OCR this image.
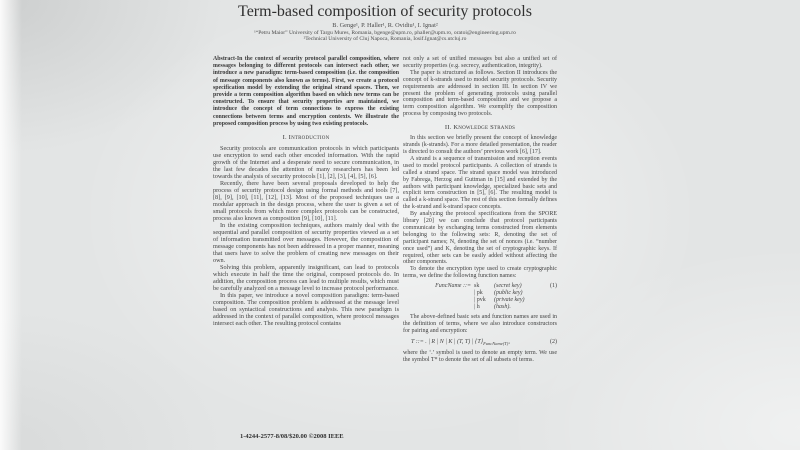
Term-based composition of security protocols
B. Genge¹, P. Haller¹, R. Ovidiu¹, I. Ignat²
¹“Petru Maior” University of Targu Mures, Romania, bgenge@upm.ro, phaller@upm.ro, oratoi@engineering.upm.ro
²Technical University of Cluj Napoca, Romania, Iosif.Ignat@cs.utcluj.ro

Abstract-In the context of security protocol parallel composition, where messages belonging to different protocols can intersect each other, we introduce a new paradigm: term-based composition (i.e. the composition of message components also known as terms). First, we create a protocol specification model by extending the original strand spaces. Then, we provide a term composition algorithm based on which new terms can be constructed. To ensure that security properties are maintained, we introduce the concept of term connections to express the existing connections between terms and encryption contexts. We illustrate the proposed composition process by using two existing protocols.

I. Introduction

Security protocols are communication protocols in which participants use encryption to send each other encoded information. With the rapid growth of the Internet and a desperate need to secure communication, in the last few decades the attention of many researchers has been led towards the analysis of security protocols [1], [2], [3], [4], [5], [6].

Recently, there have been several proposals developed to help the process of security protocol design using formal methods and tools [7], [8], [9], [10], [11], [12], [13]. Most of the proposed techniques use a modular approach in the design process, where the user is given a set of small protocols from which more complex protocols can be constructed, process also known as composition [9], [10], [11].

In the existing composition techniques, authors mainly deal with the sequential and parallel composition of security properties viewed as a set of information transmitted over messages. However, the composition of message components has not been addressed in a proper manner, meaning that users have to solve the problem of creating new messages on their own.

Solving this problem, apparently insignificant, can lead to protocols which execute in half the time the original, composed protocols do. In addition, the composition process can lead to multiple results, which must be carefully analyzed on a message level to increase protocol performance.

In this paper, we introduce a novel composition paradigm: term-based composition. The composition problem is addressed at the message level based on syntactical constructions and analysis. This new paradigm is addressed in the context of parallel composition, where protocol messages intersect each other. The resulting protocol contains

not only a set of unified messages but also a unified set of security properties (e.g. secrecy, authentication, integrity).

The paper is structured as follows. Section II introduces the concept of k-strands used to model security protocols. Security requirements are addressed in section III. In section IV we present the problem of generating protocols using parallel composition and term-based composition and we propose a term composition algorithm. We exemplify the composition process by composing two protocols.

II. Knowledge Strands

In this section we briefly present the concept of knowledge strands (k-strands). For a more detailed presentation, the reader is directed to consult the authors’ previous work [6], [17].

A strand is a sequence of transmission and reception events used to model protocol participants. A collection of strands is called a strand space. The strand space model was introduced by Fabrega, Herzog and Guttman in [15] and extended by the authors with participant knowledge, specialized basic sets and explicit term construction in [5], [6]. The resulting model is called a k-strand space. The rest of this section formally defines the k-strand and k-strand space concepts.

By analyzing the protocol specifications from the SPORE library [20] we can conclude that protocol participants communicate by exchanging terms constructed from elements belonging to the following sets: R, denoting the set of participant names; N, denoting the set of nonces (i.e. “number once used”) and K, denoting the set of cryptographic keys. If required, other sets can be easily added without affecting the other components.

To denote the encryption type used to create cryptographic terms, we define the following function names:

FuncName ::= sk	(secret key)	(1)
| pk	(public key)
| pvk	(private key)
| h	(hash).

The above-defined basic sets and function names are used in the definition of terms, where we also introduce constructors for pairing and encryption:

T ::= . | R | N | K | (T, T) | $\{T\}_{FuncName(T)}$,	(2)

where the ‘.’ symbol is used to denote an empty term. We use the symbol T* to denote the set of all subsets of terms.

1-4244-2577-8/08/$20.00 ©2008 IEEE
